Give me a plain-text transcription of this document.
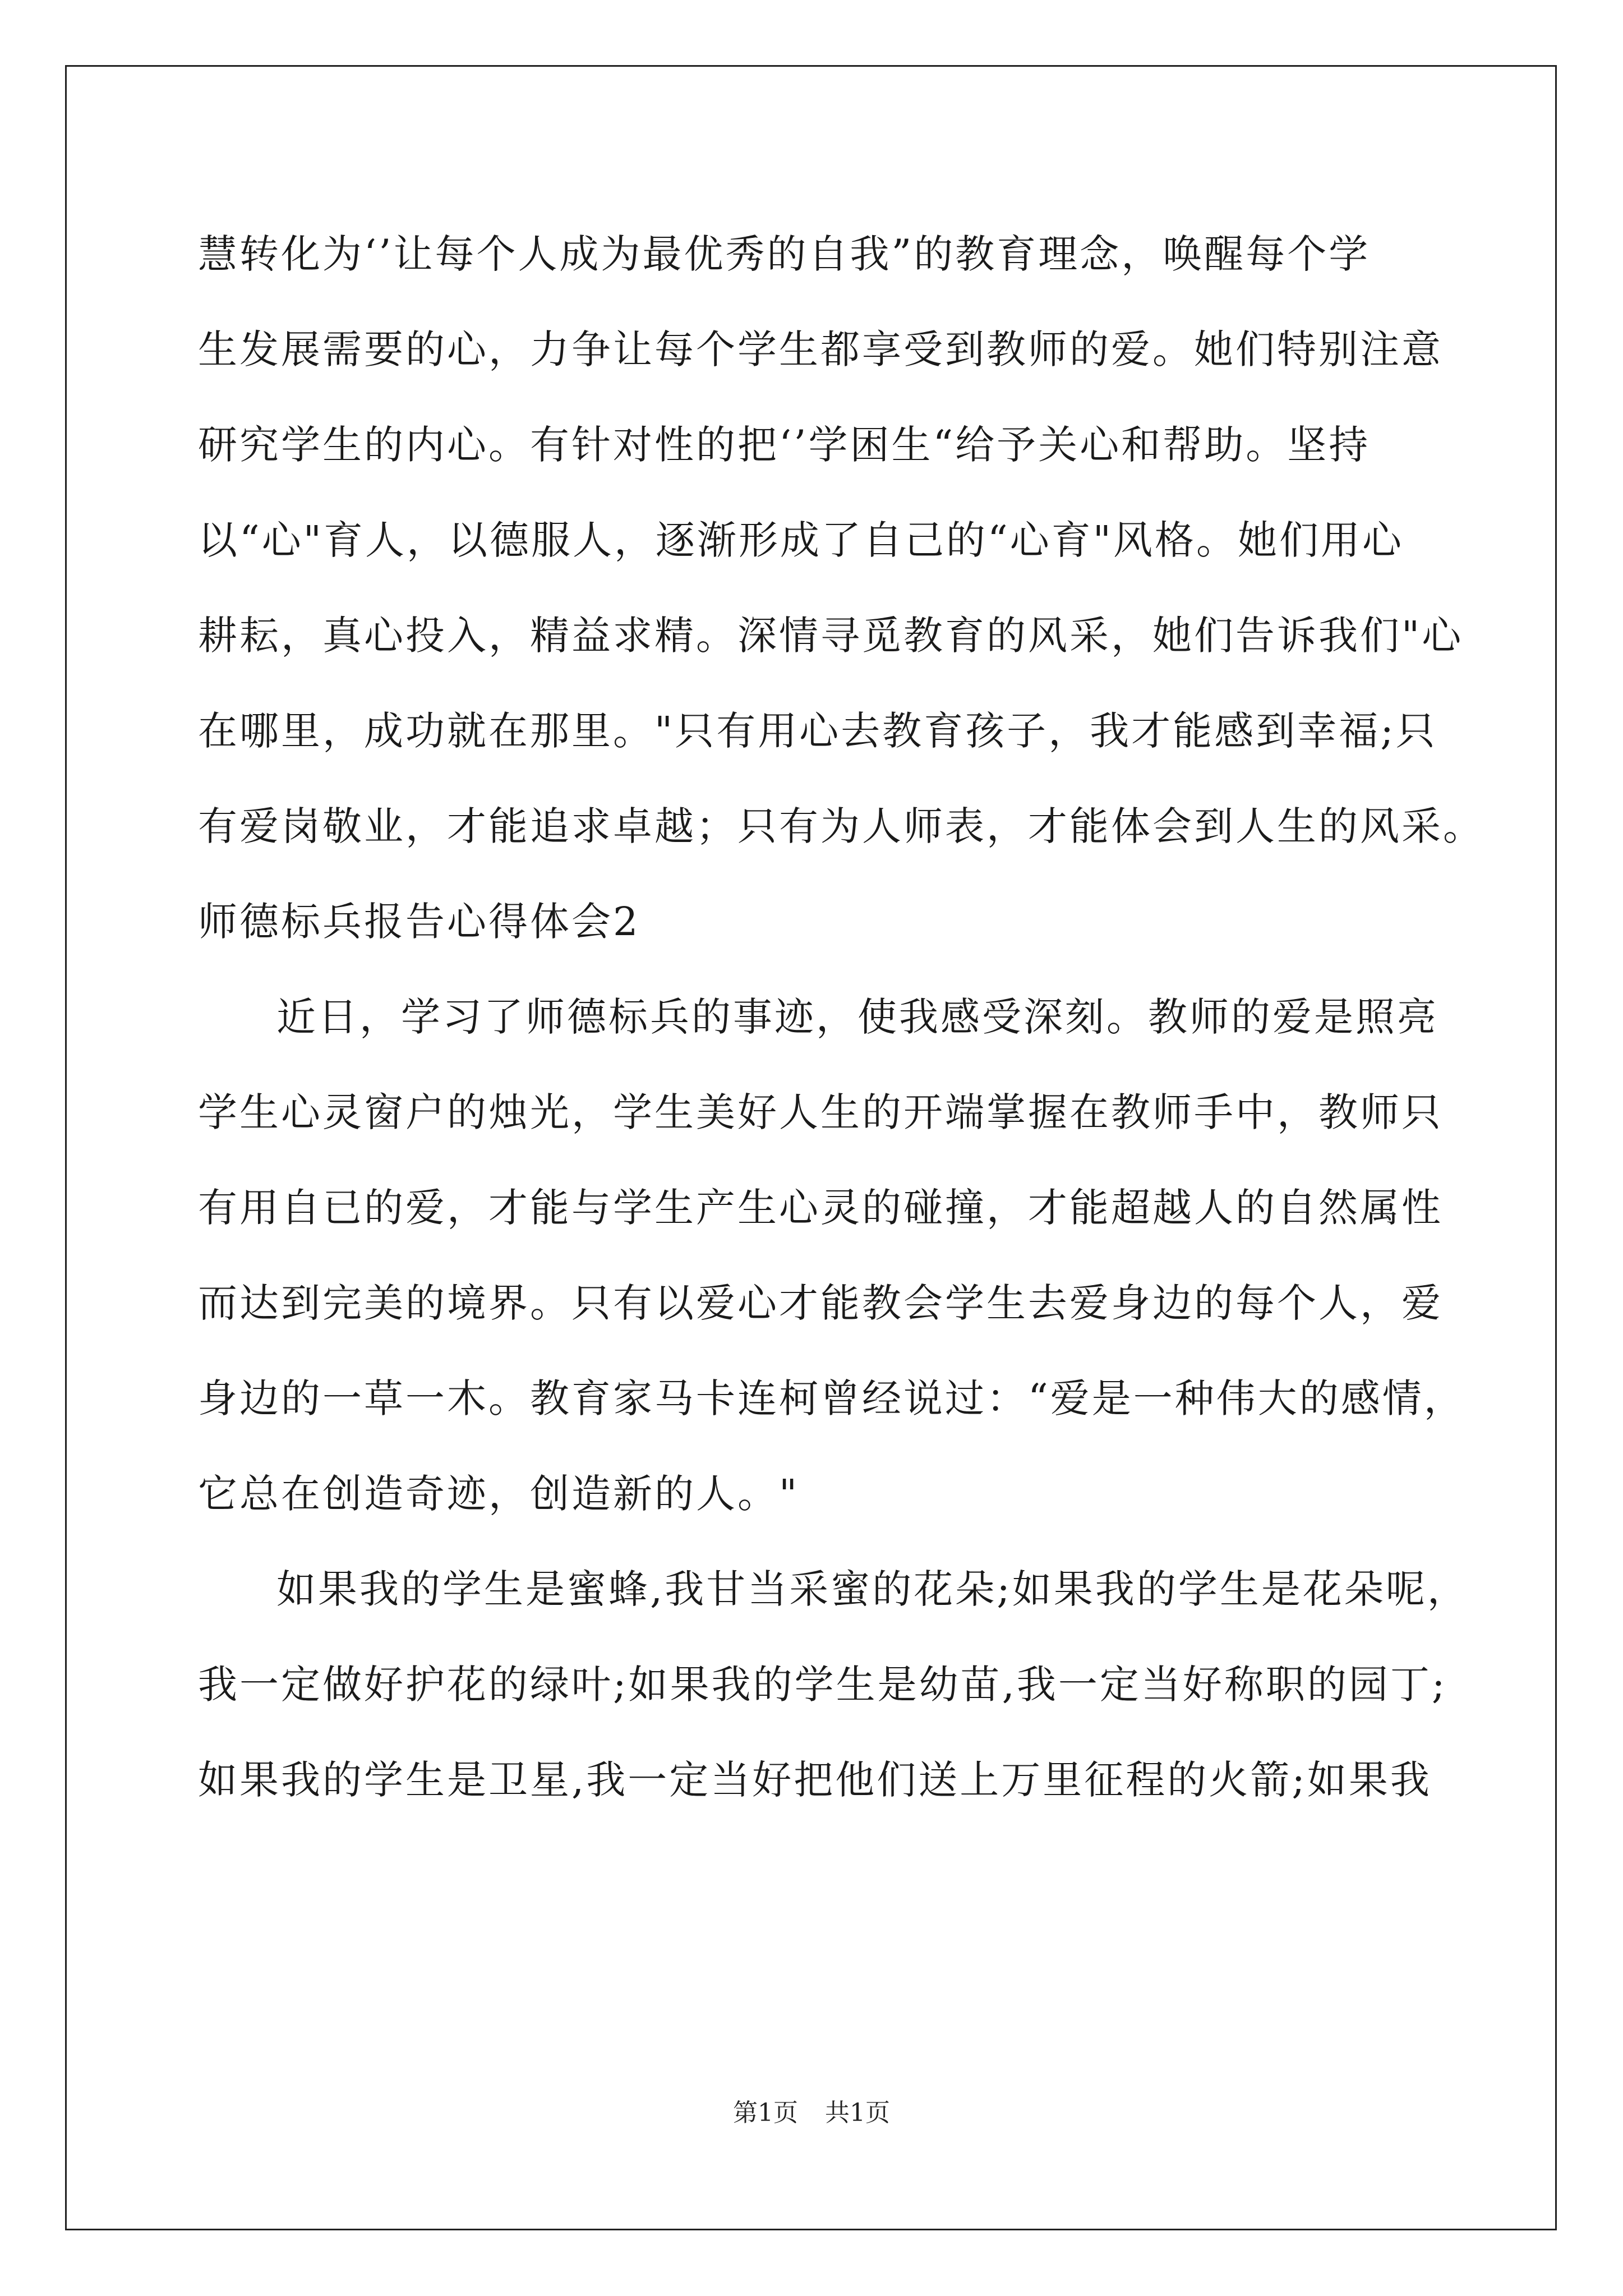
慧转化为‘’让每个人成为最优秀的自我”的教育理念，唤醒每个学
生发展需要的心，力争让每个学生都享受到教师的爱。她们特别注意
研究学生的内心。有针对性的把‘’学困生“给予关心和帮助。坚持
以“心"育人，以德服人，逐渐形成了自己的“心育"风格。她们用心
耕耘，真心投入，精益求精。深情寻觅教育的风采，她们告诉我们"心
在哪里，成功就在那里。"只有用心去教育孩子，我才能感到幸福;只
有爱岗敬业，才能追求卓越；只有为人师表，才能体会到人生的风采。
师德标兵报告心得体会2
近日，学习了师德标兵的事迹，使我感受深刻。教师的爱是照亮
学生心灵窗户的烛光，学生美好人生的开端掌握在教师手中，教师只
有用自已的爱，才能与学生产生心灵的碰撞，才能超越人的自然属性
而达到完美的境界。只有以爱心才能教会学生去爱身边的每个人，爱
身边的一草一木。教育家马卡连柯曾经说过：“爱是一种伟大的感情，
它总在创造奇迹，创造新的人。"
如果我的学生是蜜蜂,我甘当采蜜的花朵;如果我的学生是花朵呢，
我一定做好护花的绿叶;如果我的学生是幼苗,我一定当好称职的园丁;
如果我的学生是卫星,我一定当好把他们送上万里征程的火箭;如果我
第1页 共1页
